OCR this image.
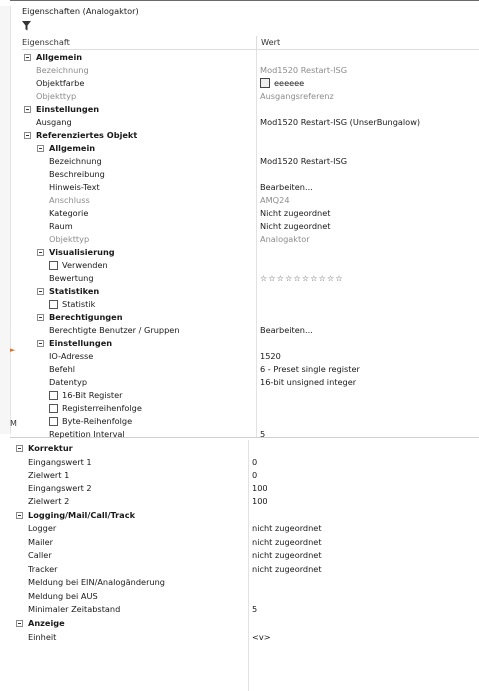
Eigenschaften (Analogaktor)
Eigenschaft	Wert
►
M
Allgemein
Bezeichnung	Mod1520 Restart-ISG
Objektfarbe	eeeeee
Objekttyp	Ausgangsreferenz
Einstellungen
Ausgang	Mod1520 Restart-ISG (UnserBungalow)
Referenziertes Objekt
Allgemein
Bezeichnung	Mod1520 Restart-ISG
Beschreibung
Hinweis-Text	Bearbeiten...
Anschluss	AMQ24
Kategorie	Nicht zugeordnet
Raum	Nicht zugeordnet
Objekttyp	Analogaktor
Visualisierung
Verwenden
Bewertung	☆☆☆☆☆☆☆☆☆☆
Statistiken
Statistik
Berechtigungen
Berechtigte Benutzer / Gruppen	Bearbeiten...
Einstellungen
IO-Adresse	1520
Befehl	6 - Preset single register
Datentyp	16-bit unsigned integer
16-Bit Register
Registerreihenfolge
Byte-Reihenfolge
Repetition Interval	5
Korrektur
Eingangswert 1	0
Zielwert 1	0
Eingangswert 2	100
Zielwert 2	100
Logging/Mail/Call/Track
Logger	nicht zugeordnet
Mailer	nicht zugeordnet
Caller	nicht zugeordnet
Tracker	nicht zugeordnet
Meldung bei EIN/Analogänderung
Meldung bei AUS
Minimaler Zeitabstand	5
Anzeige
Einheit	<v>
